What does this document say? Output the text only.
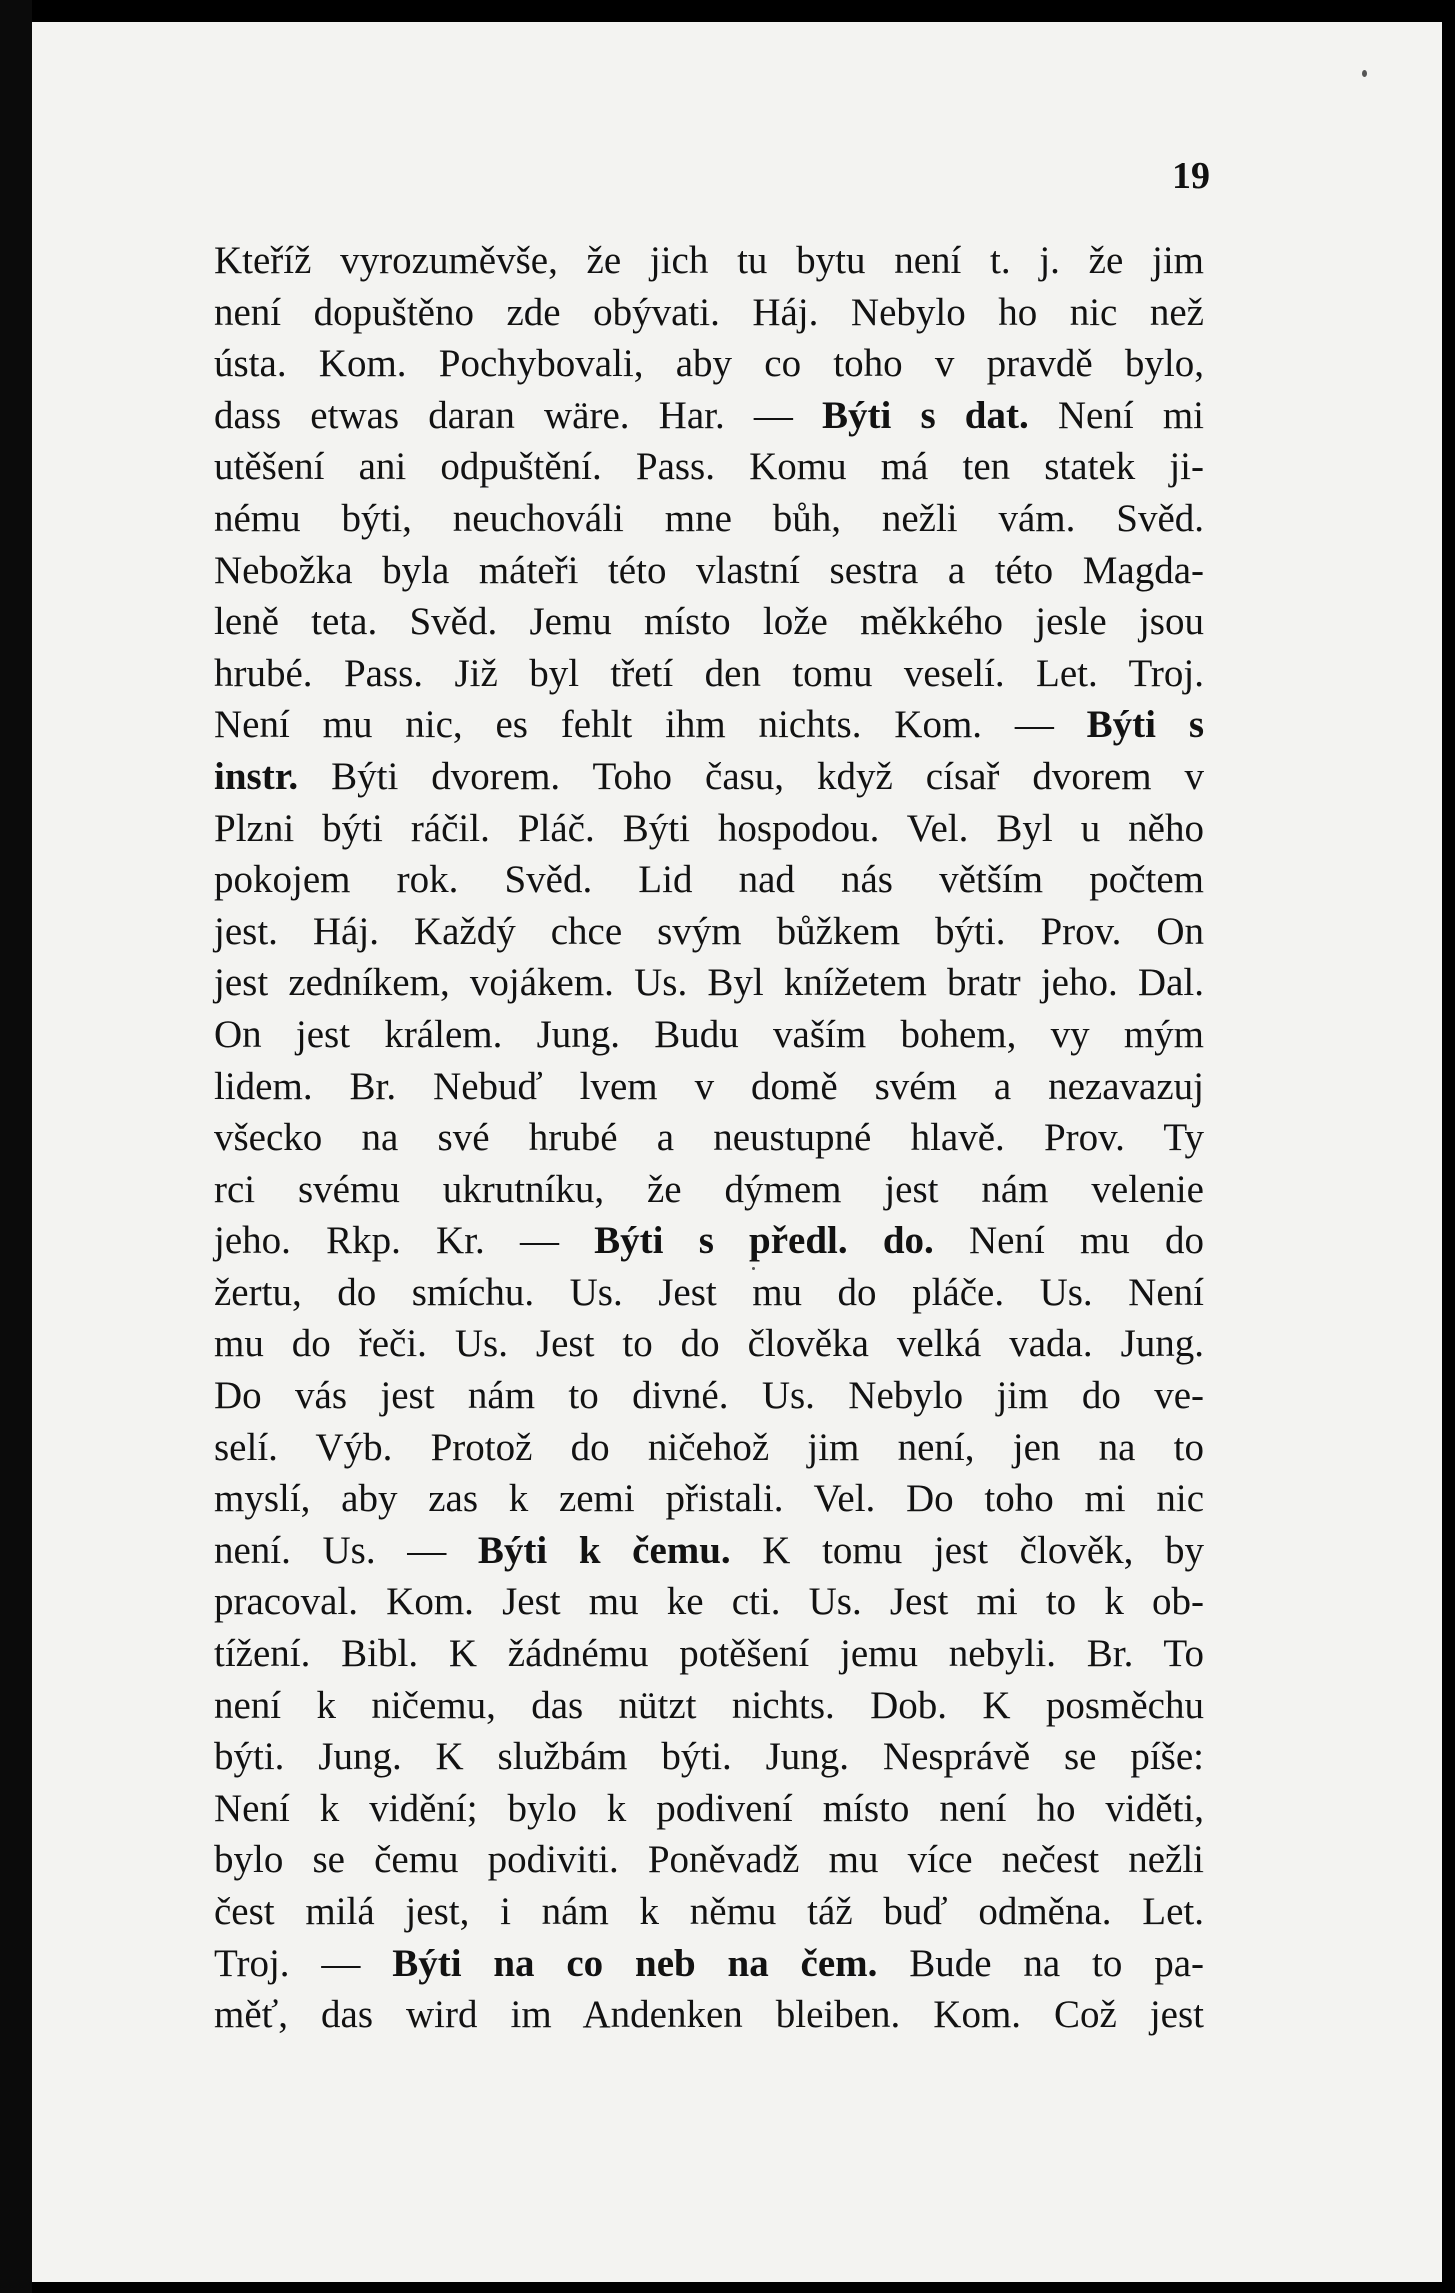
19
Kteříž vyrozuměvše, že jich tu bytu není t. j. že jim
není dopuštěno zde obývati. Háj. Nebylo ho nic než
ústa. Kom. Pochybovali, aby co toho v pravdě bylo,
dass etwas daran wäre. Har. — Býti s dat. Není mi
utěšení ani odpuštění. Pass. Komu má ten statek ji-
nému býti, neuchováli mne bůh, nežli vám. Svěd.
Nebožka byla máteři této vlastní sestra a této Magda-
leně teta. Svěd. Jemu místo lože měkkého jesle jsou
hrubé. Pass. Již byl třetí den tomu veselí. Let. Troj.
Není mu nic, es fehlt ihm nichts. Kom. — Býti s
instr. Býti dvorem. Toho času, když císař dvorem v
Plzni býti ráčil. Pláč. Býti hospodou. Vel. Byl u něho
pokojem rok. Svěd. Lid nad nás větším počtem
jest. Háj. Každý chce svým bůžkem býti. Prov. On
jest zedníkem, vojákem. Us. Byl knížetem bratr jeho. Dal.
On jest králem. Jung. Budu vaším bohem, vy mým
lidem. Br. Nebuď lvem v domě svém a nezavazuj
všecko na své hrubé a neustupné hlavě. Prov. Ty
rci svému ukrutníku, že dýmem jest nám velenie
jeho. Rkp. Kr. — Býti s předl. do. Není mu do
žertu, do smíchu. Us. Jest mu do pláče. Us. Není
mu do řeči. Us. Jest to do člověka velká vada. Jung.
Do vás jest nám to divné. Us. Nebylo jim do ve-
selí. Výb. Protož do ničehož jim není, jen na to
myslí, aby zas k zemi přistali. Vel. Do toho mi nic
není. Us. — Býti k čemu. K tomu jest člověk, by
pracoval. Kom. Jest mu ke cti. Us. Jest mi to k ob-
tížení. Bibl. K žádnému potěšení jemu nebyli. Br. To
není k ničemu, das nützt nichts. Dob. K posměchu
býti. Jung. K službám býti. Jung. Nesprávě se píše:
Není k vidění; bylo k podivení místo není ho viděti,
bylo se čemu podiviti. Poněvadž mu více nečest nežli
čest milá jest, i nám k němu táž buď odměna. Let.
Troj. — Býti na co neb na čem. Bude na to pa-
měť, das wird im Andenken bleiben. Kom. Což jest
